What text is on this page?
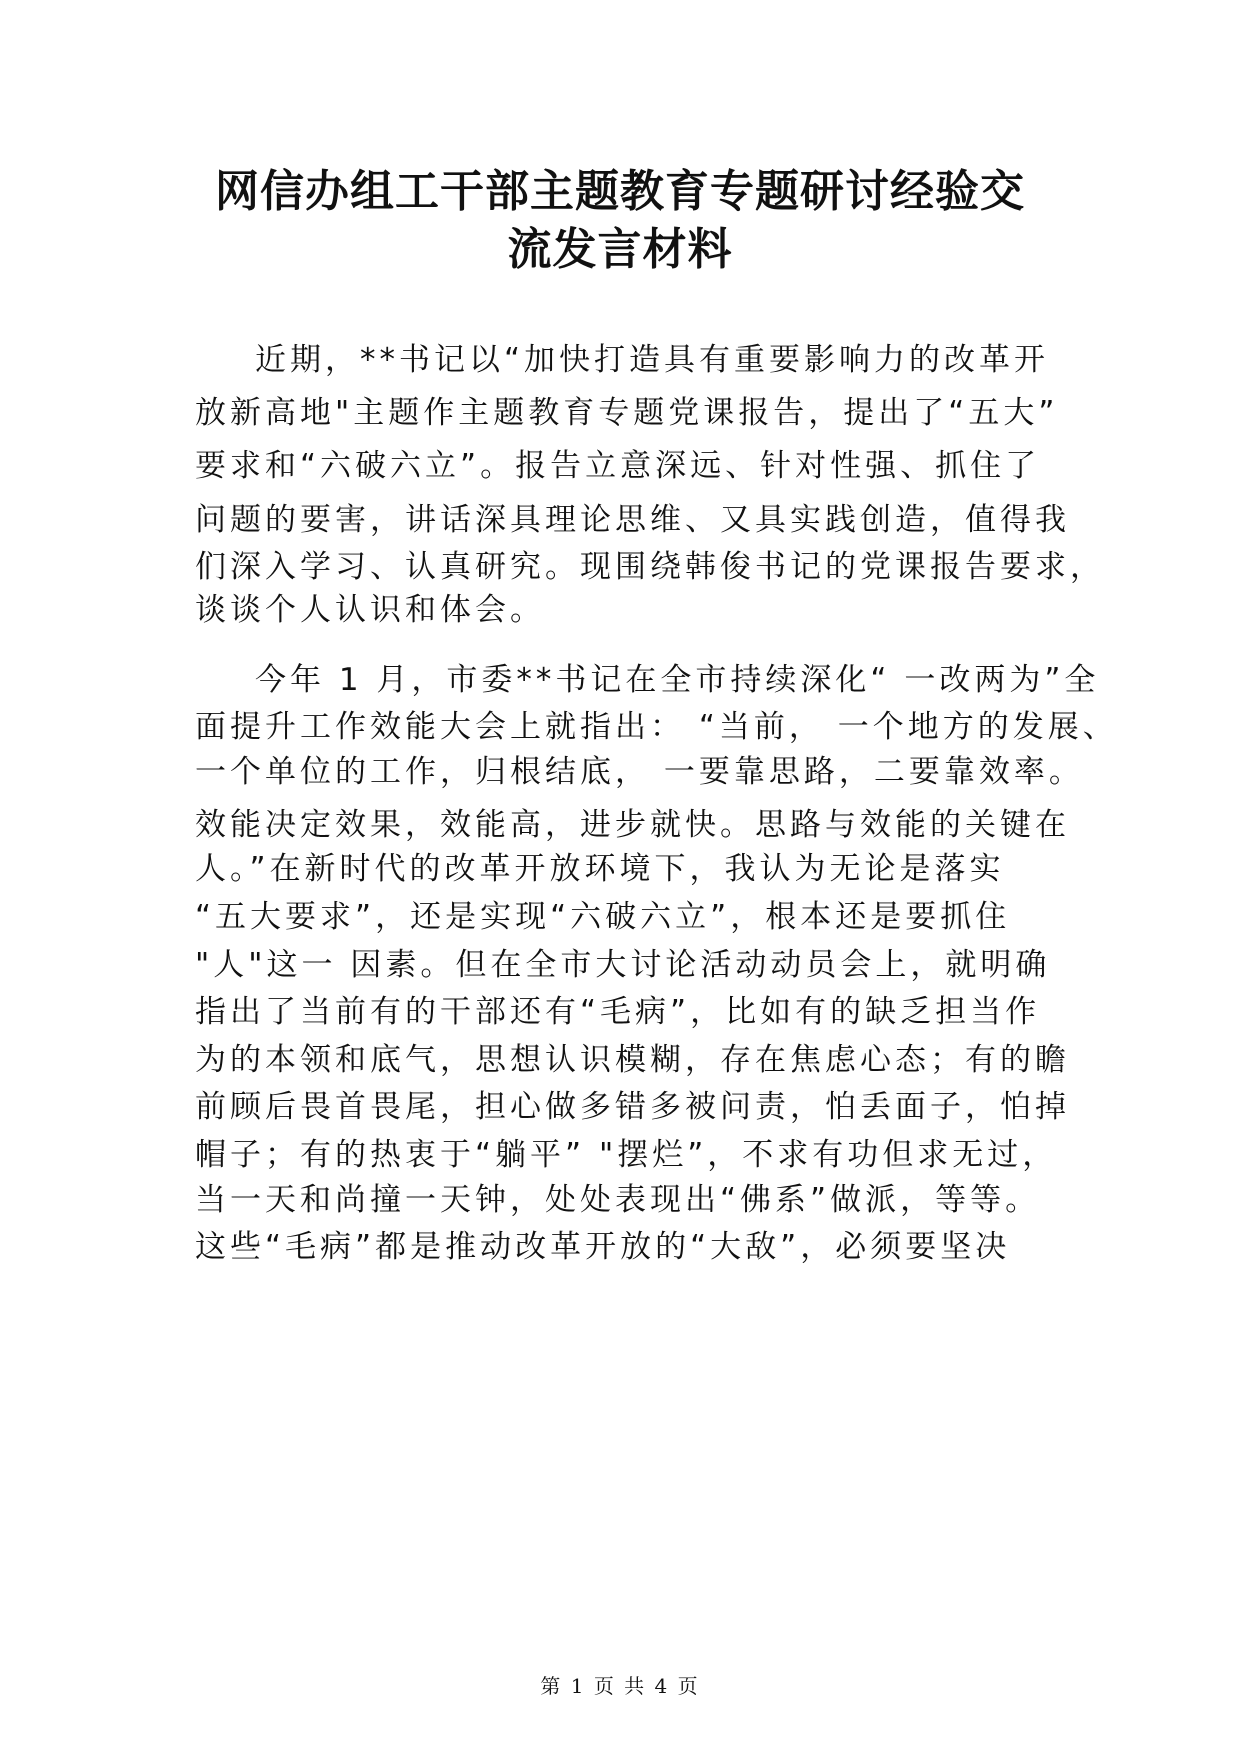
网信办组工干部主题教育专题研讨经验交
流发言材料
近期，**书记以“加快打造具有重要影响力的改革开
放新高地"主题作主题教育专题党课报告，提出了“五大”
要求和“六破六立”。报告立意深远、针对性强、抓住了
问题的要害，讲话深具理论思维、又具实践创造，值得我
们深入学习、认真研究。现围绕韩俊书记的党课报告要求，
谈谈个人认识和体会。
今年 1 月，市委**书记在全市持续深化“ 一改两为”全
面提升工作效能大会上就指出： “当前， 一个地方的发展、
一个单位的工作，归根结底， 一要靠思路，二要靠效率。
效能决定效果，效能高，进步就快。思路与效能的关键在
人。”在新时代的改革开放环境下，我认为无论是落实
“五大要求”，还是实现“六破六立”，根本还是要抓住
"人"这一 因素。但在全市大讨论活动动员会上，就明确
指出了当前有的干部还有“毛病”，比如有的缺乏担当作
为的本领和底气，思想认识模糊，存在焦虑心态；有的瞻
前顾后畏首畏尾，担心做多错多被问责，怕丢面子，怕掉
帽子；有的热衷于“躺平” "摆烂”，不求有功但求无过，
当一天和尚撞一天钟，处处表现出“佛系”做派，等等。
这些“毛病”都是推动改革开放的“大敌”，必须要坚决
第 1 页 共 4 页
